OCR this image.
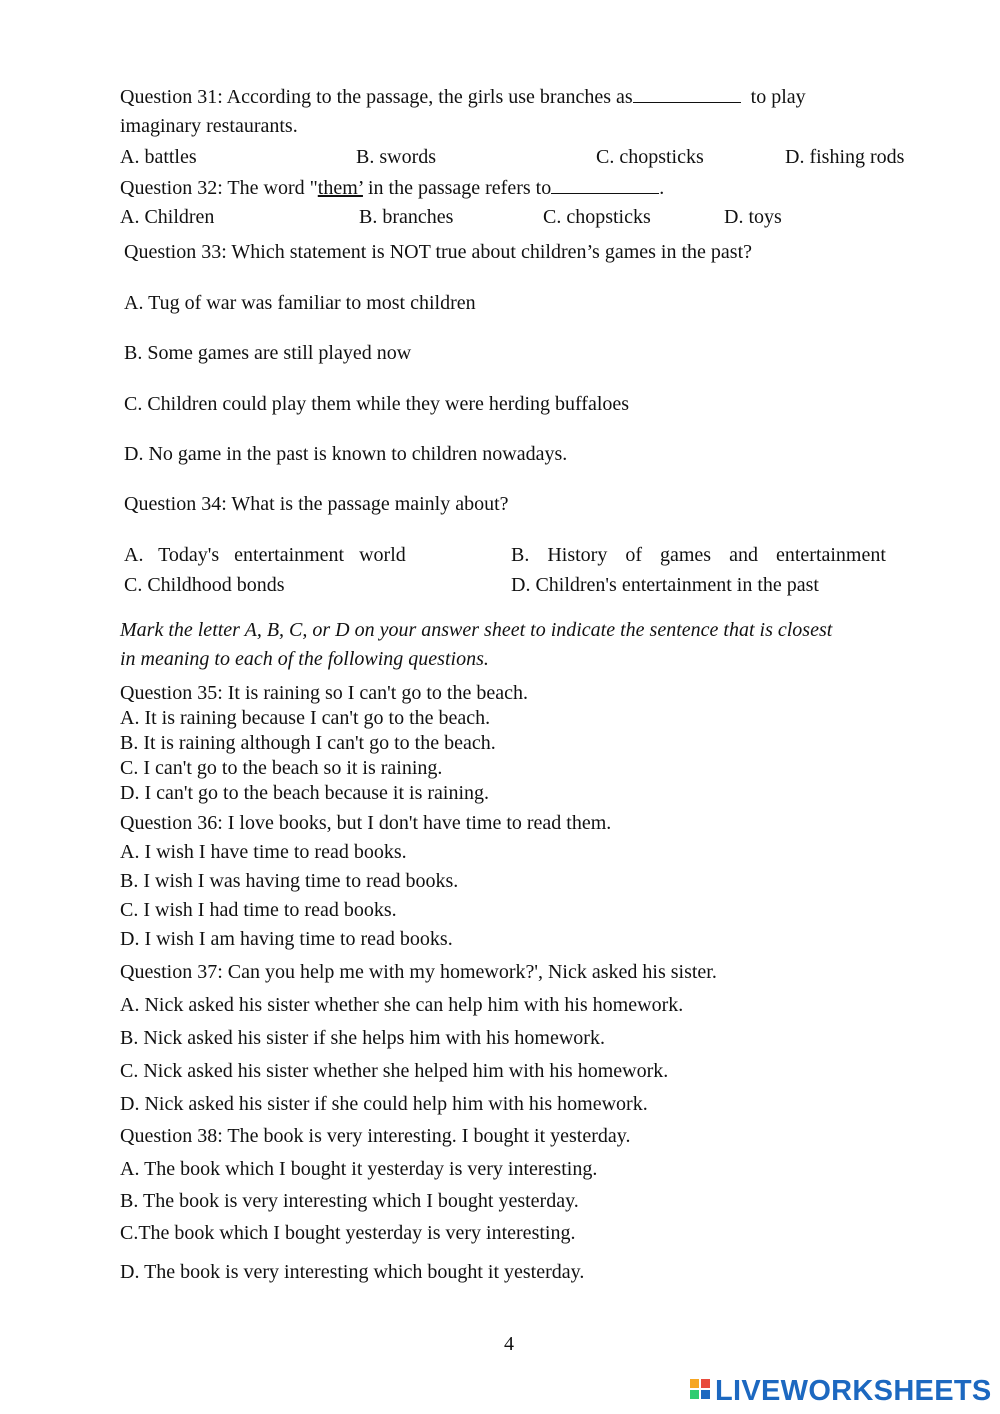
Question 31: According to the passage, the girls use branches as	to play
imaginary restaurants.
A. battles	B. swords	C. chopsticks	D. fishing rods
Question 32: The word "them’ in the passage refers to	.
A. Children	B. branches	C. chopsticks	D. toys
Question 33: Which statement is NOT true about children’s games in the past?
A. Tug of war was familiar to most children
B. Some games are still played now
C. Children could play them while they were herding buffaloes
D. No game in the past is known to children nowadays.
Question 34: What is the passage mainly about?
A. Today's entertainment world	B. History of games and entertainment
C. Childhood bonds	D. Children's entertainment in the past
Mark the letter A, B, C, or D on your answer sheet to indicate the sentence that is closest
in meaning to each of the following questions.
Question 35: It is raining so I can't go to the beach.
A. It is raining because I can't go to the beach.
B. It is raining although I can't go to the beach.
C. I can't go to the beach so it is raining.
D. I can't go to the beach because it is raining.
Question 36: I love books, but I don't have time to read them.
A. I wish I have time to read books.
B. I wish I was having time to read books.
C. I wish I had time to read books.
D. I wish I am having time to read books.
Question 37: Can you help me with my homework?', Nick asked his sister.
A. Nick asked his sister whether she can help him with his homework.
B. Nick asked his sister if she helps him with his homework.
C. Nick asked his sister whether she helped him with his homework.
D. Nick asked his sister if she could help him with his homework.
Question 38: The book is very interesting. I bought it yesterday.
A. The book which I bought it yesterday is very interesting.
B. The book is very interesting which I bought yesterday.
C.The book which I bought yesterday is very interesting.
D. The book is very interesting which bought it yesterday.
4
LIVEWORKSHEETS
